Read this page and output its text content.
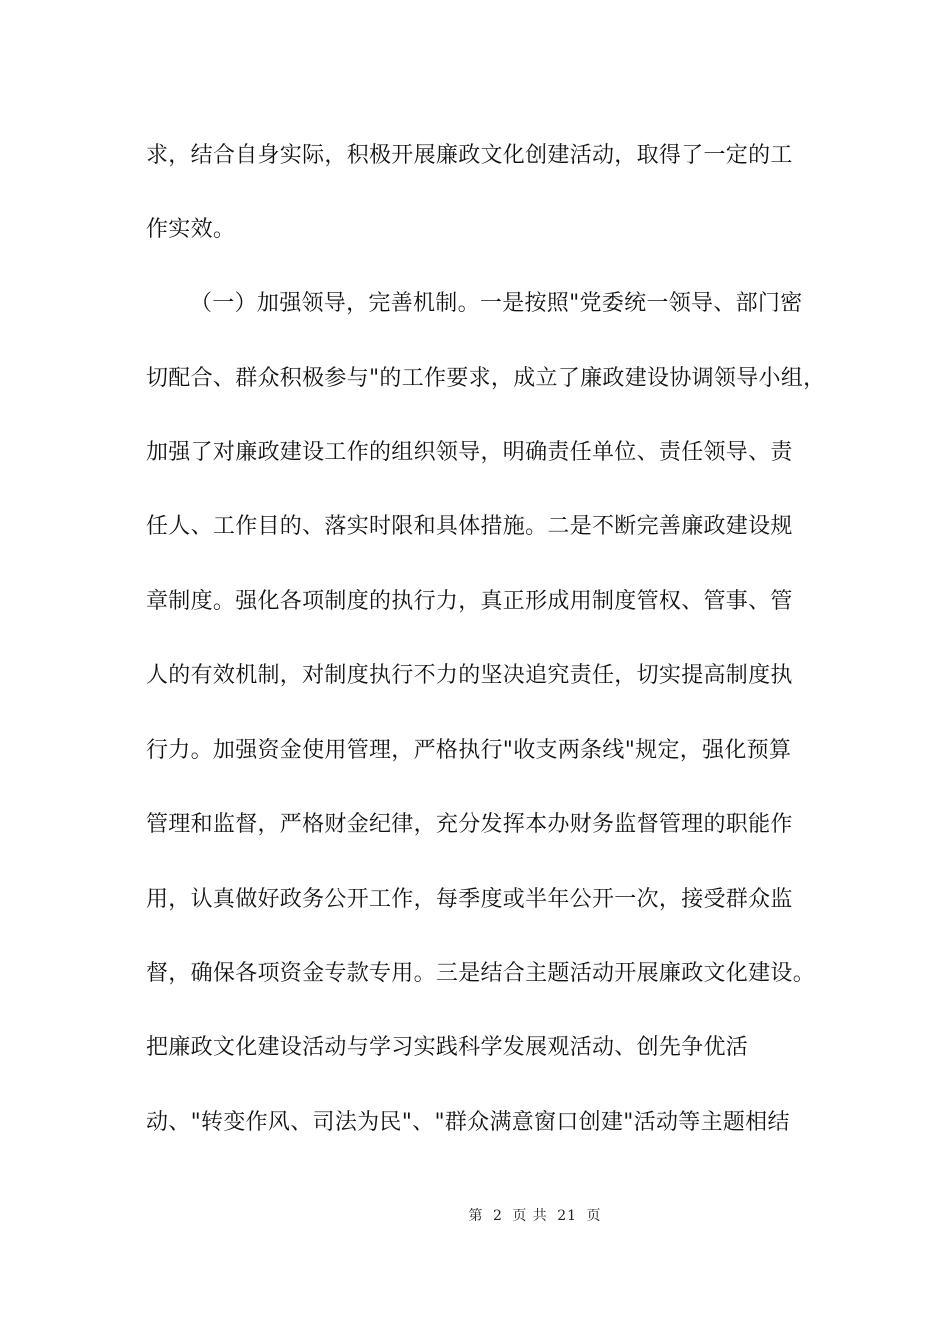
求，结合自身实际，积极开展廉政文化创建活动，取得了一定的工
作实效。
（一）加强领导，完善机制。一是按照"党委统一领导、部门密
切配合、群众积极参与"的工作要求，成立了廉政建设协调领导小组，
加强了对廉政建设工作的组织领导，明确责任单位、责任领导、责
任人、工作目的、落实时限和具体措施。二是不断完善廉政建设规
章制度。强化各项制度的执行力，真正形成用制度管权、管事、管
人的有效机制，对制度执行不力的坚决追究责任，切实提高制度执
行力。加强资金使用管理，严格执行"收支两条线"规定，强化预算
管理和监督，严格财金纪律，充分发挥本办财务监督管理的职能作
用，认真做好政务公开工作，每季度或半年公开一次，接受群众监
督，确保各项资金专款专用。三是结合主题活动开展廉政文化建设。
把廉政文化建设活动与学习实践科学发展观活动、创先争优活
动、"转变作风、司法为民"、"群众满意窗口创建"活动等主题相结
第 2 页 共 21 页
